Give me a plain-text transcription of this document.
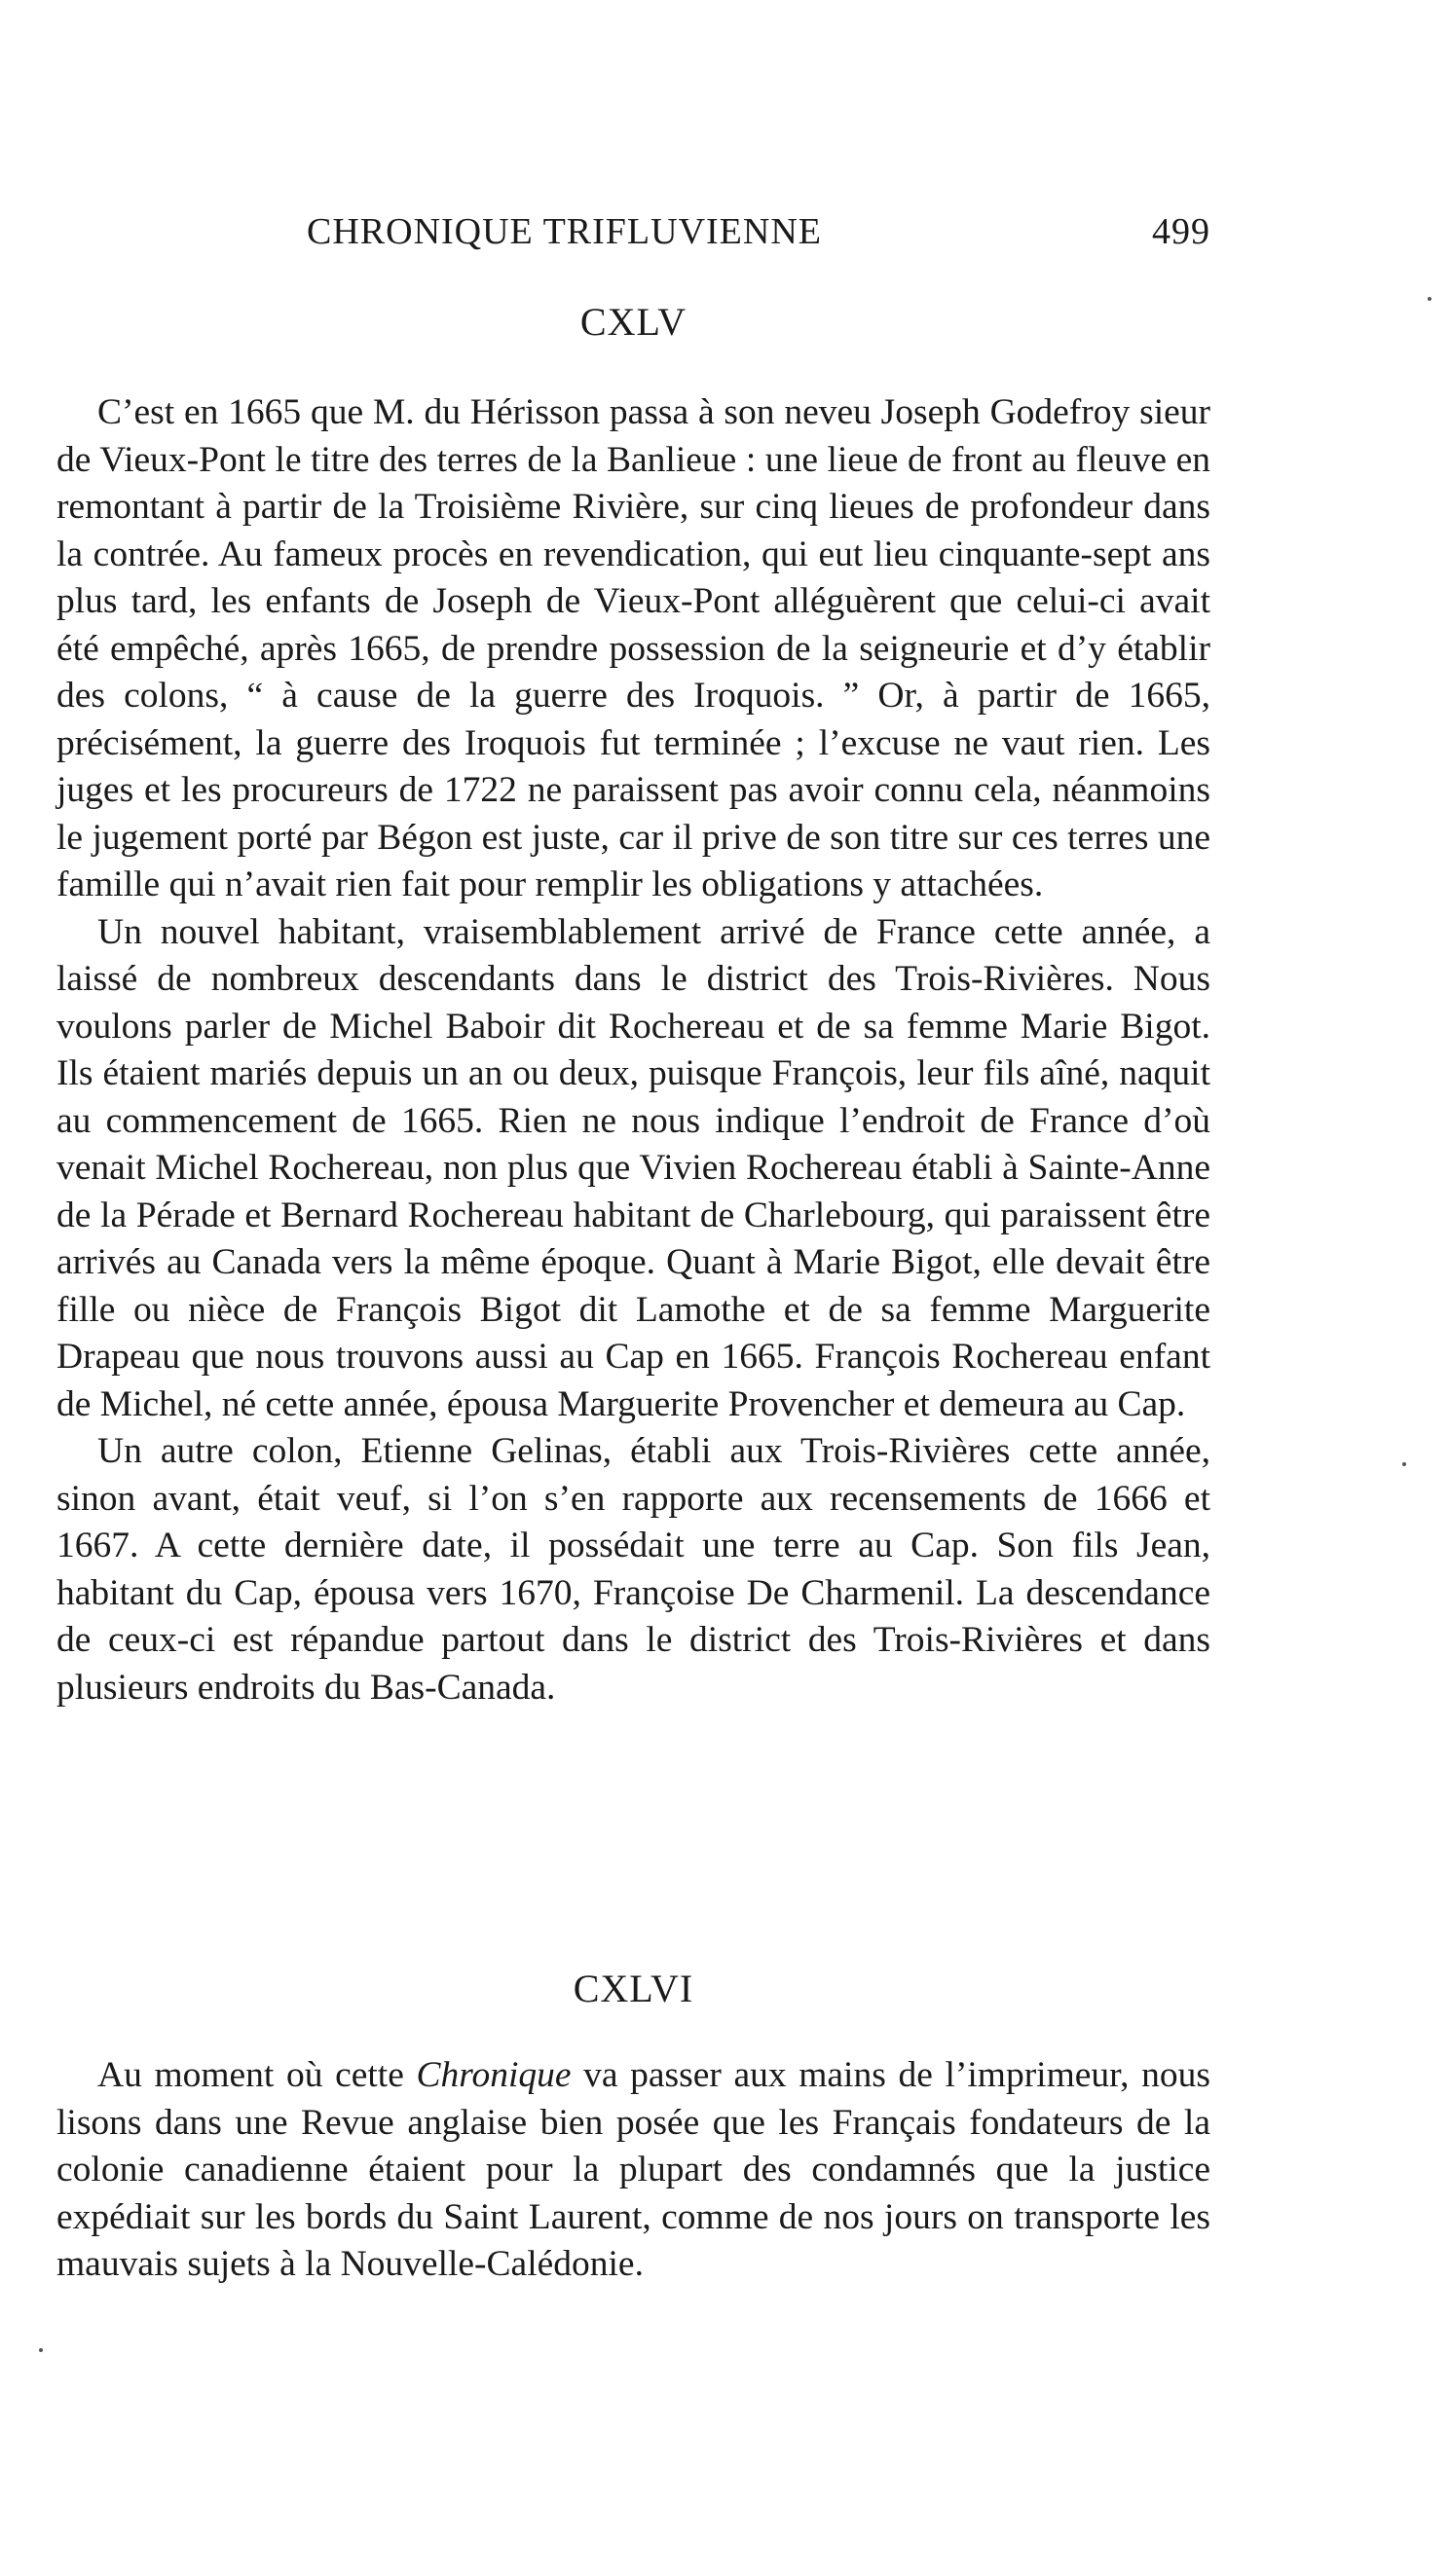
CHRONIQUE TRIFLUVIENNE	499
CXLV

C’est en 1665 que M. du Hérisson passa à son neveu Joseph Godefroy sieur de Vieux-Pont le titre des terres de la Banlieue : une lieue de front au fleuve en remontant à partir de la Troisième Rivière, sur cinq lieues de profondeur dans la contrée. Au fameux procès en revendication, qui eut lieu cinquante-sept ans plus tard, les enfants de Joseph de Vieux-Pont alléguèrent que celui-ci avait été empêché, après 1665, de prendre possession de la seigneurie et d’y établir des colons, “ à cause de la guerre des Iroquois. ” Or, à partir de 1665, précisément, la guerre des Iroquois fut terminée ; l’excuse ne vaut rien. Les juges et les procureurs de 1722 ne paraissent pas avoir connu cela, néanmoins le jugement porté par Bégon est juste, car il prive de son titre sur ces terres une famille qui n’avait rien fait pour remplir les obligations y attachées.

Un nouvel habitant, vraisemblablement arrivé de France cette année, a laissé de nombreux descendants dans le district des Trois-Rivières. Nous voulons parler de Michel Baboir dit Rochereau et de sa femme Marie Bigot. Ils étaient mariés depuis un an ou deux, puisque François, leur fils aîné, naquit au commencement de 1665. Rien ne nous indique l’endroit de France d’où venait Michel Rochereau, non plus que Vivien Rochereau établi à Sainte-Anne de la Pérade et Bernard Rochereau habitant de Charlebourg, qui paraissent être arrivés au Canada vers la même époque. Quant à Marie Bigot, elle devait être fille ou nièce de François Bigot dit Lamothe et de sa femme Marguerite Drapeau que nous trouvons aussi au Cap en 1665. François Rochereau enfant de Michel, né cette année, épousa Marguerite Provencher et demeura au Cap.

Un autre colon, Etienne Gelinas, établi aux Trois-Rivières cette année, sinon avant, était veuf, si l’on s’en rapporte aux recensements de 1666 et 1667. A cette dernière date, il possédait une terre au Cap. Son fils Jean, habitant du Cap, épousa vers 1670, Françoise De Charmenil. La descendance de ceux-ci est répandue partout dans le district des Trois-Rivières et dans plusieurs endroits du Bas-Canada.

CXLVI

Au moment où cette Chronique va passer aux mains de l’imprimeur, nous lisons dans une Revue anglaise bien posée que les Français fondateurs de la colonie canadienne étaient pour la plupart des condamnés que la justice expédiait sur les bords du Saint Laurent, comme de nos jours on transporte les mauvais sujets à la Nouvelle-Calédonie.
